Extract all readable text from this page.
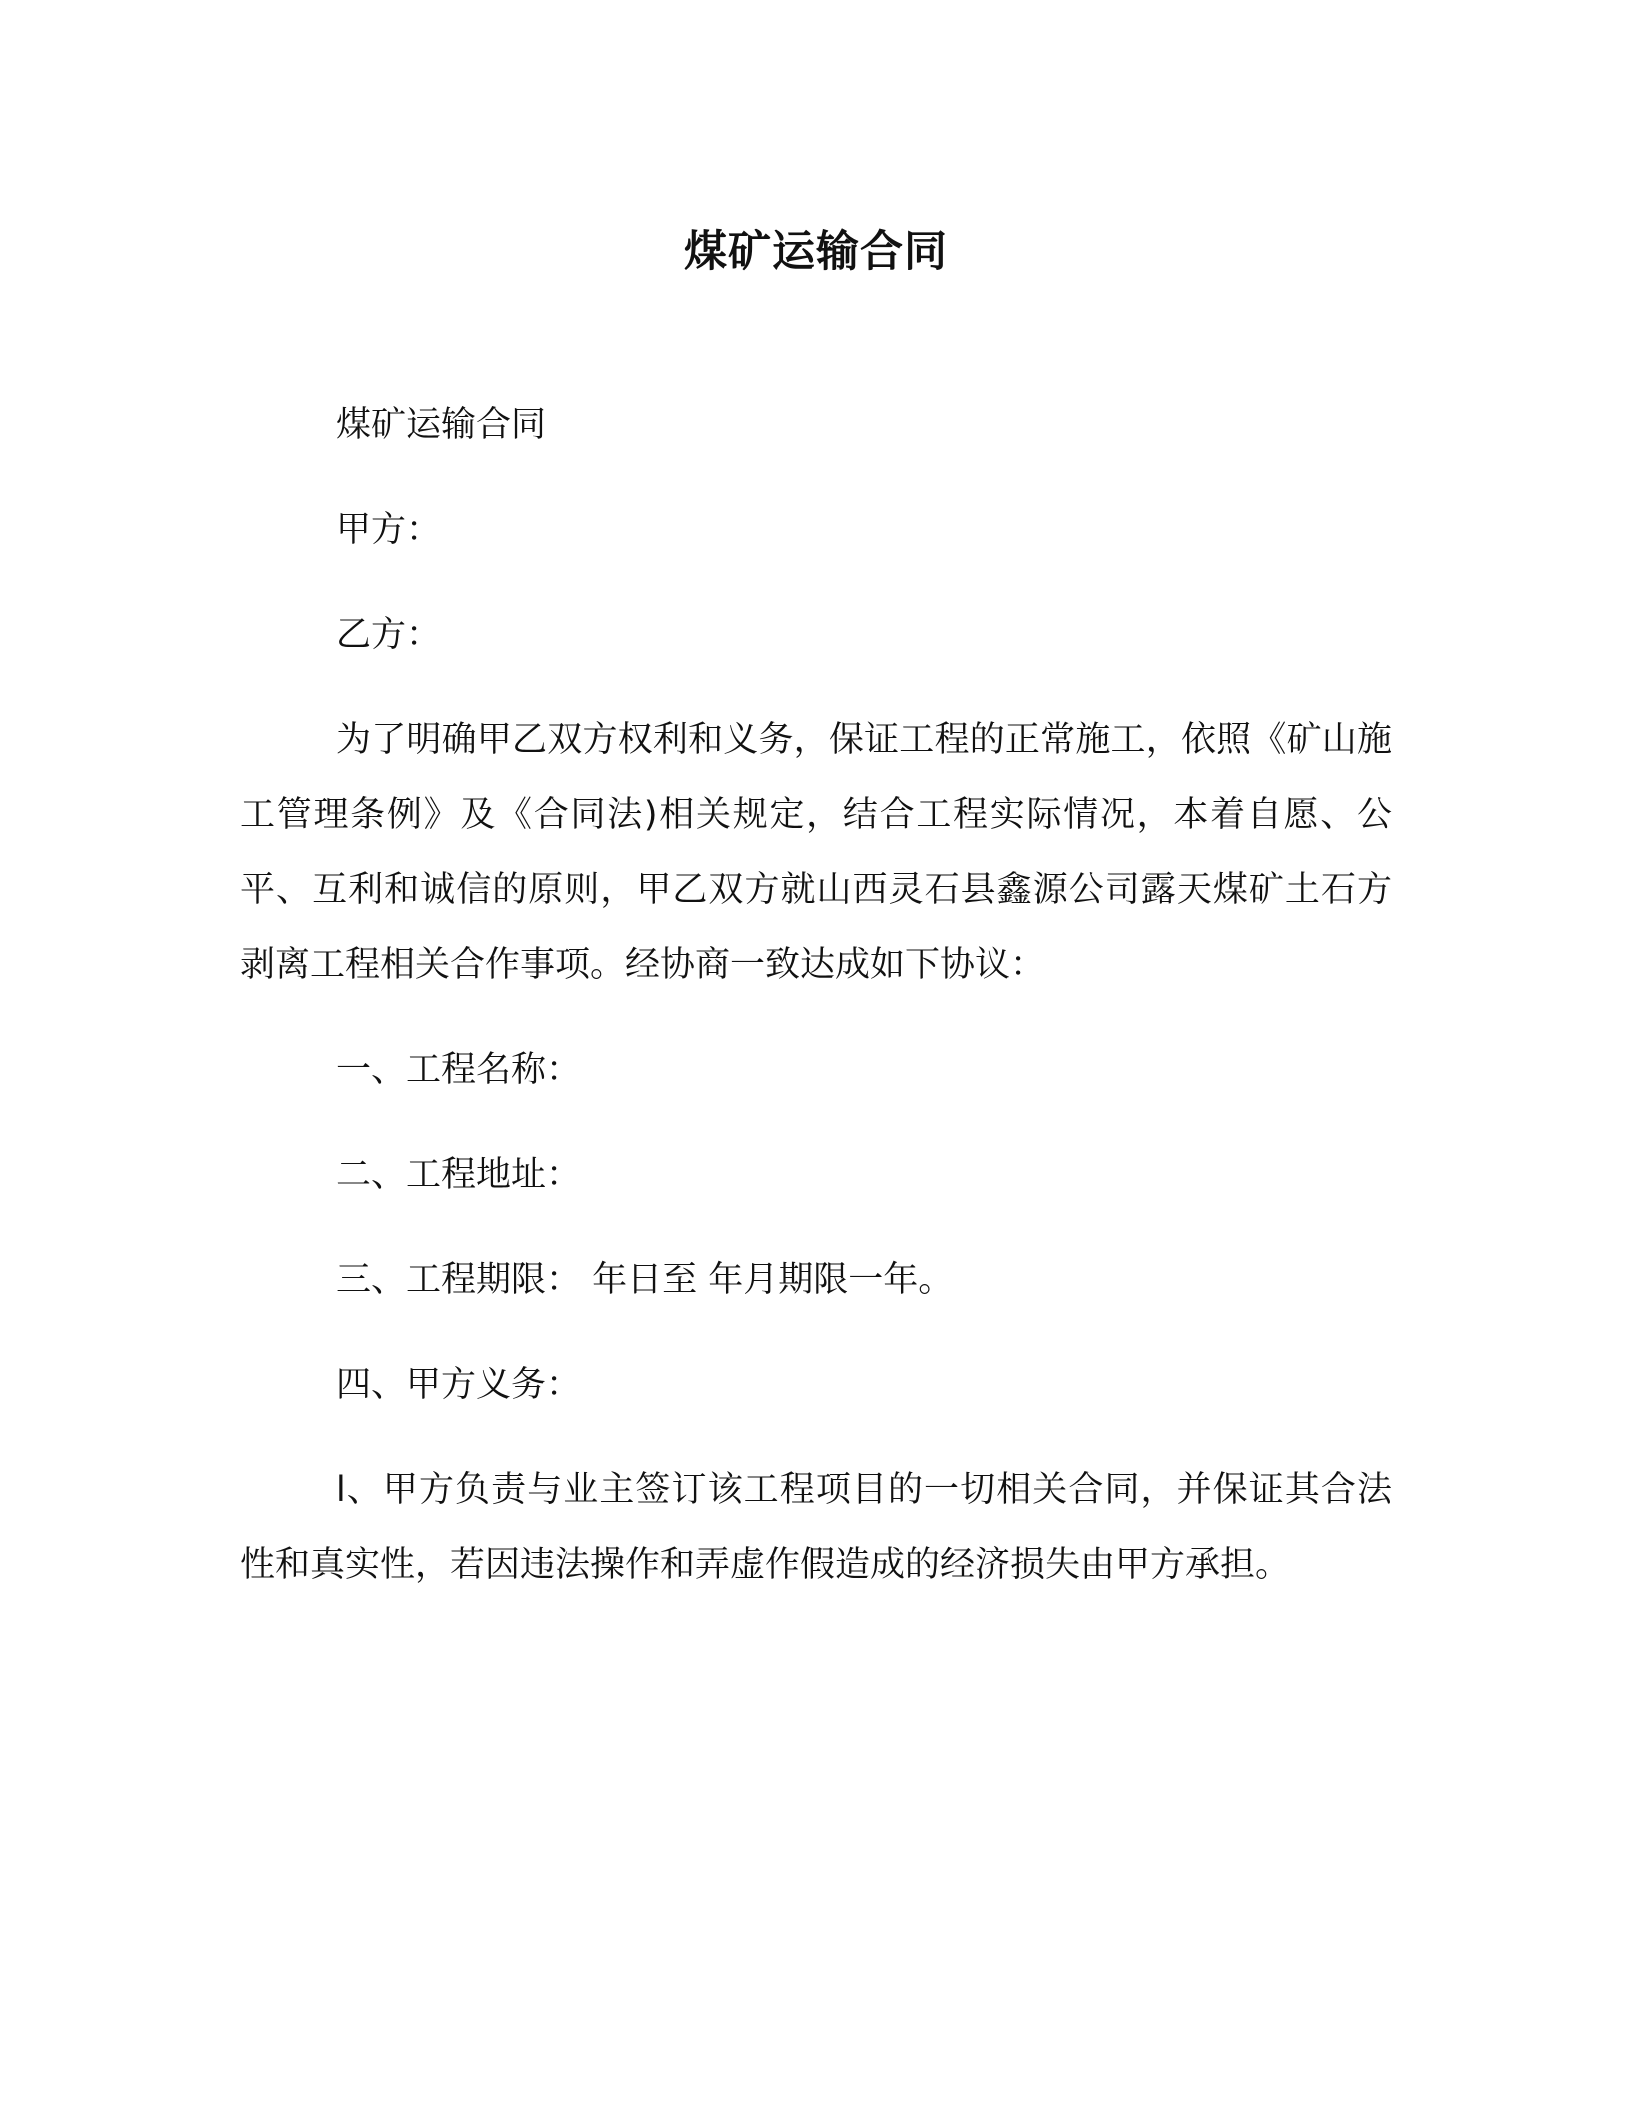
煤矿运输合同

煤矿运输合同

甲方：

乙方：

为了明确甲乙双方权利和义务，保证工程的正常施工，依照《矿山施工管理条例》及《合同法)相关规定，结合工程实际情况，本着自愿、公平、互利和诚信的原则，甲乙双方就山西灵石县鑫源公司露天煤矿土石方剥离工程相关合作事项。经协商一致达成如下协议：

一、工程名称：

二、工程地址：

三、工程期限： 年日至 年月期限一年。

四、甲方义务：

l、甲方负责与业主签订该工程项目的一切相关合同，并保证其合法性和真实性，若因违法操作和弄虚作假造成的经济损失由甲方承担。
